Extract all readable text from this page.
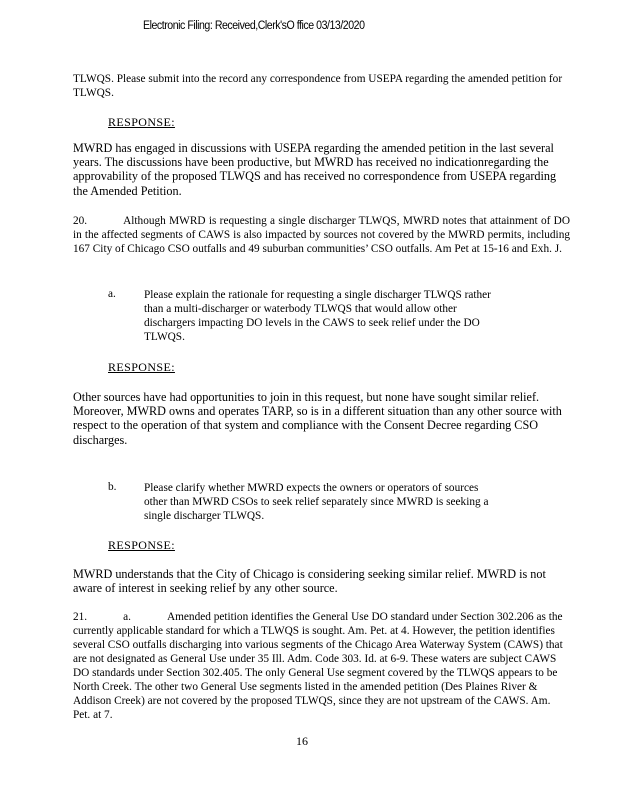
Electronic Filing: Received,Clerk'sO ffice 03/13/2020

TLWQS. Please submit into the record any correspondence from USEPA regarding the amended petition for TLWQS.

RESPONSE:

MWRD has engaged in discussions with USEPA regarding the amended petition in the last several years. The discussions have been productive, but MWRD has received no indicationregarding the approvability of the proposed TLWQS and has received no correspondence from USEPA regarding the Amended Petition.

20.	Although MWRD is requesting a single discharger TLWQS, MWRD notes that attainment of DO in the affected segments of CAWS is also impacted by sources not covered by the MWRD permits, including 167 City of Chicago CSO outfalls and 49 suburban communities’ CSO outfalls. Am Pet at 15-16 and Exh. J.

a. Please explain the rationale for requesting a single discharger TLWQS rather than a multi-discharger or waterbody TLWQS that would allow other dischargers impacting DO levels in the CAWS to seek relief under the DO TLWQS.

RESPONSE:

Other sources have had opportunities to join in this request, but none have sought similar relief. Moreover, MWRD owns and operates TARP, so is in a different situation than any other source with respect to the operation of that system and compliance with the Consent Decree regarding CSO discharges.

b. Please clarify whether MWRD expects the owners or operators of sources other than MWRD CSOs to seek relief separately since MWRD is seeking a single discharger TLWQS.

RESPONSE:

MWRD understands that the City of Chicago is considering seeking similar relief. MWRD is not aware of interest in seeking relief by any other source.

21.	a.	Amended petition identifies the General Use DO standard under Section 302.206 as the currently applicable standard for which a TLWQS is sought. Am. Pet. at 4. However, the petition identifies several CSO outfalls discharging into various segments of the Chicago Area Waterway System (CAWS) that are not designated as General Use under 35 Ill. Adm. Code 303. Id. at 6-9. These waters are subject CAWS DO standards under Section 302.405. The only General Use segment covered by the TLWQS appears to be North Creek. The other two General Use segments listed in the amended petition (Des Plaines River & Addison Creek) are not covered by the proposed TLWQS, since they are not upstream of the CAWS. Am. Pet. at 7.

16
